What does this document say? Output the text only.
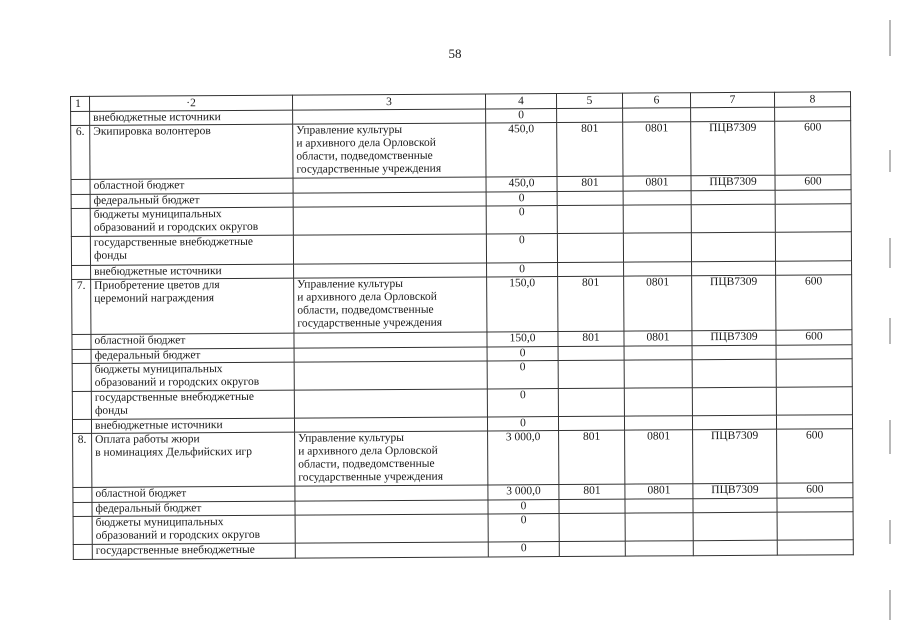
58
1	·2	3	4	5	6	7	8
	внебюджетные источники		0				
6.	Экипировка волонтеров	Управление культуры
и архивного дела Орловской
области, подведомственные
государственные учреждения	450,0	801	0801	ПЦВ7309	600
	областной бюджет		450,0	801	0801	ПЦВ7309	600
	федеральный бюджет		0				
	бюджеты муниципальных
образований и городских округов		0				
	государственные внебюджетные
фонды		0				
	внебюджетные источники		0				
7.	Приобретение цветов для
церемоний награждения	Управление культуры
и архивного дела Орловской
области, подведомственные
государственные учреждения	150,0	801	0801	ПЦВ7309	600
	областной бюджет		150,0	801	0801	ПЦВ7309	600
	федеральный бюджет		0				
	бюджеты муниципальных
образований и городских округов		0				
	государственные внебюджетные
фонды		0				
	внебюджетные источники		0				
8.	Оплата работы жюри
в номинациях Дельфийских игр	Управление культуры
и архивного дела Орловской
области, подведомственные
государственные учреждения	3 000,0	801	0801	ПЦВ7309	600
	областной бюджет		3 000,0	801	0801	ПЦВ7309	600
	федеральный бюджет		0				
	бюджеты муниципальных
образований и городских округов		0				
	государственные внебюджетные		0				
